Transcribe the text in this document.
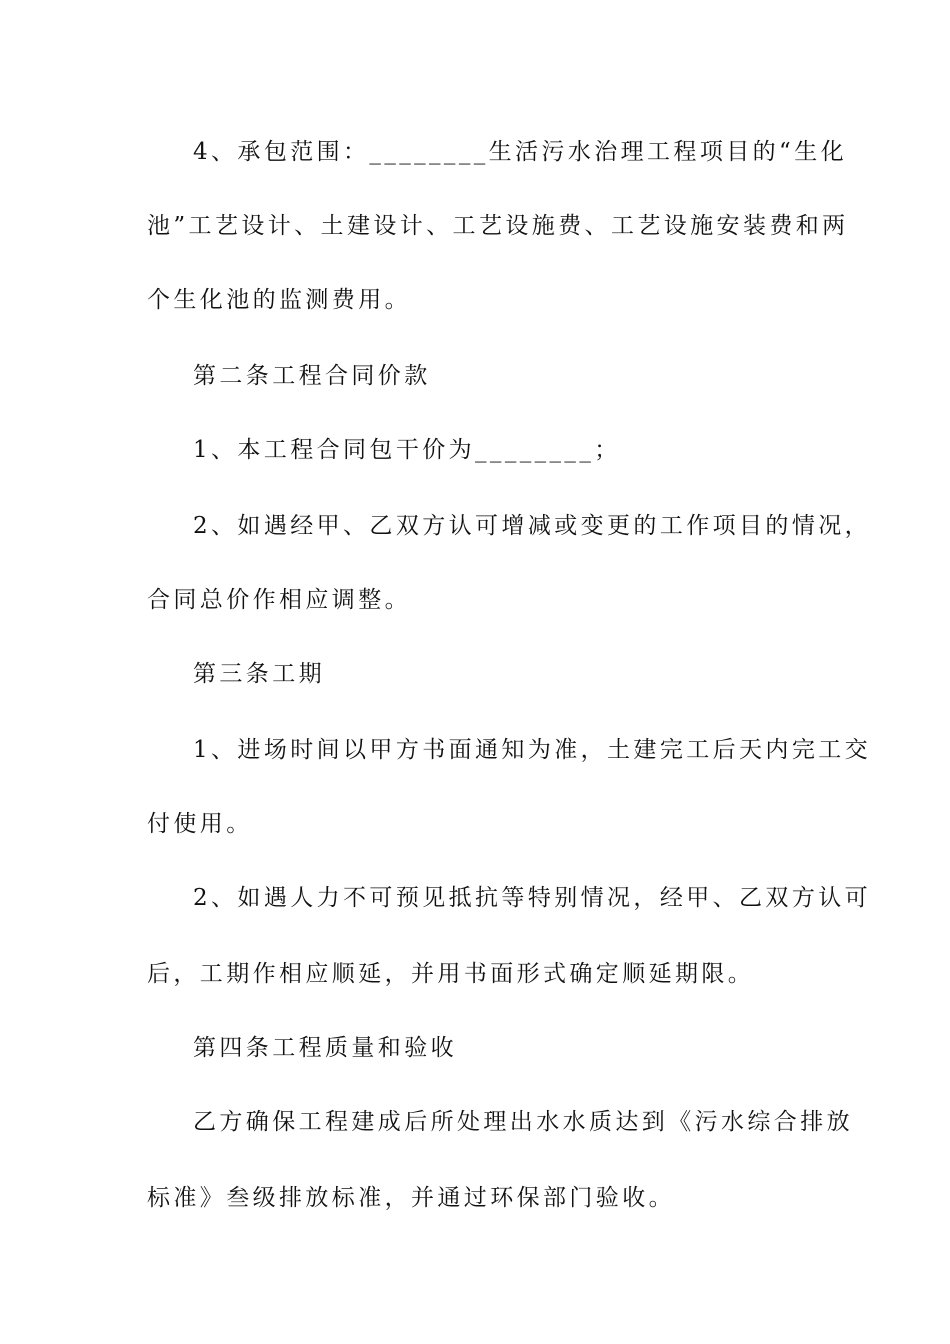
4、承包范围：________生活污水治理工程项目的“生化
池”工艺设计、土建设计、工艺设施费、工艺设施安装费和两
个生化池的监测费用。
第二条工程合同价款
1、本工程合同包干价为________；
2、如遇经甲、乙双方认可增减或变更的工作项目的情况，
合同总价作相应调整。
第三条工期
1、进场时间以甲方书面通知为准，土建完工后天内完工交
付使用。
2、如遇人力不可预见抵抗等特别情况，经甲、乙双方认可
后，工期作相应顺延，并用书面形式确定顺延期限。
第四条工程质量和验收
乙方确保工程建成后所处理出水水质达到《污水综合排放
标准》叁级排放标准，并通过环保部门验收。
